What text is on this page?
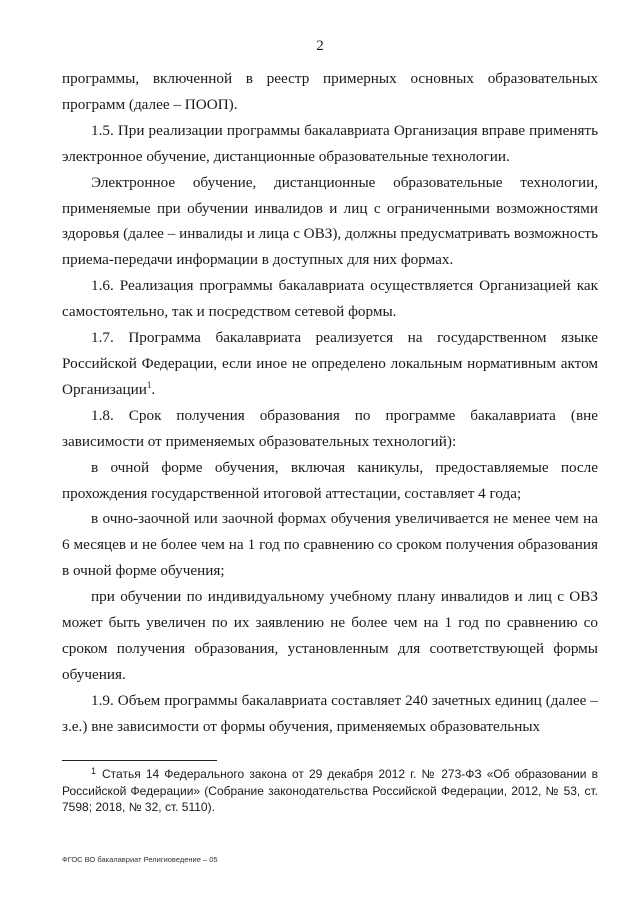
2

программы, включенной в реестр примерных основных образовательных программ (далее – ПООП).

1.5. При реализации программы бакалавриата Организация вправе применять электронное обучение, дистанционные образовательные технологии.

Электронное обучение, дистанционные образовательные технологии, применяемые при обучении инвалидов и лиц с ограниченными возможностями здоровья (далее – инвалиды и лица с ОВЗ), должны предусматривать возможность приема-передачи информации в доступных для них формах.

1.6. Реализация программы бакалавриата осуществляется Организацией как самостоятельно, так и посредством сетевой формы.

1.7. Программа бакалавриата реализуется на государственном языке Российской Федерации, если иное не определено локальным нормативным актом Организации$^1$.

1.8. Срок получения образования по программе бакалавриата (вне зависимости от применяемых образовательных технологий):

в очной форме обучения, включая каникулы, предоставляемые после прохождения государственной итоговой аттестации, составляет 4 года;

в очно-заочной или заочной формах обучения увеличивается не менее чем на 6 месяцев и не более чем на 1 год по сравнению со сроком получения образования в очной форме обучения;

при обучении по индивидуальному учебному плану инвалидов и лиц с ОВЗ может быть увеличен по их заявлению не более чем на 1 год по сравнению со сроком получения образования, установленным для соответствующей формы обучения.

1.9. Объем программы бакалавриата составляет 240 зачетных единиц (далее – з.е.) вне зависимости от формы обучения, применяемых образовательных

$^1$ Статья 14 Федерального закона от 29 декабря 2012 г. № 273-ФЗ «Об образовании в Российской Федерации» (Собрание законодательства Российской Федерации, 2012, № 53, ст. 7598; 2018, № 32, ст. 5110).
ФГОС ВО бакалавриат Религиоведение – 05
